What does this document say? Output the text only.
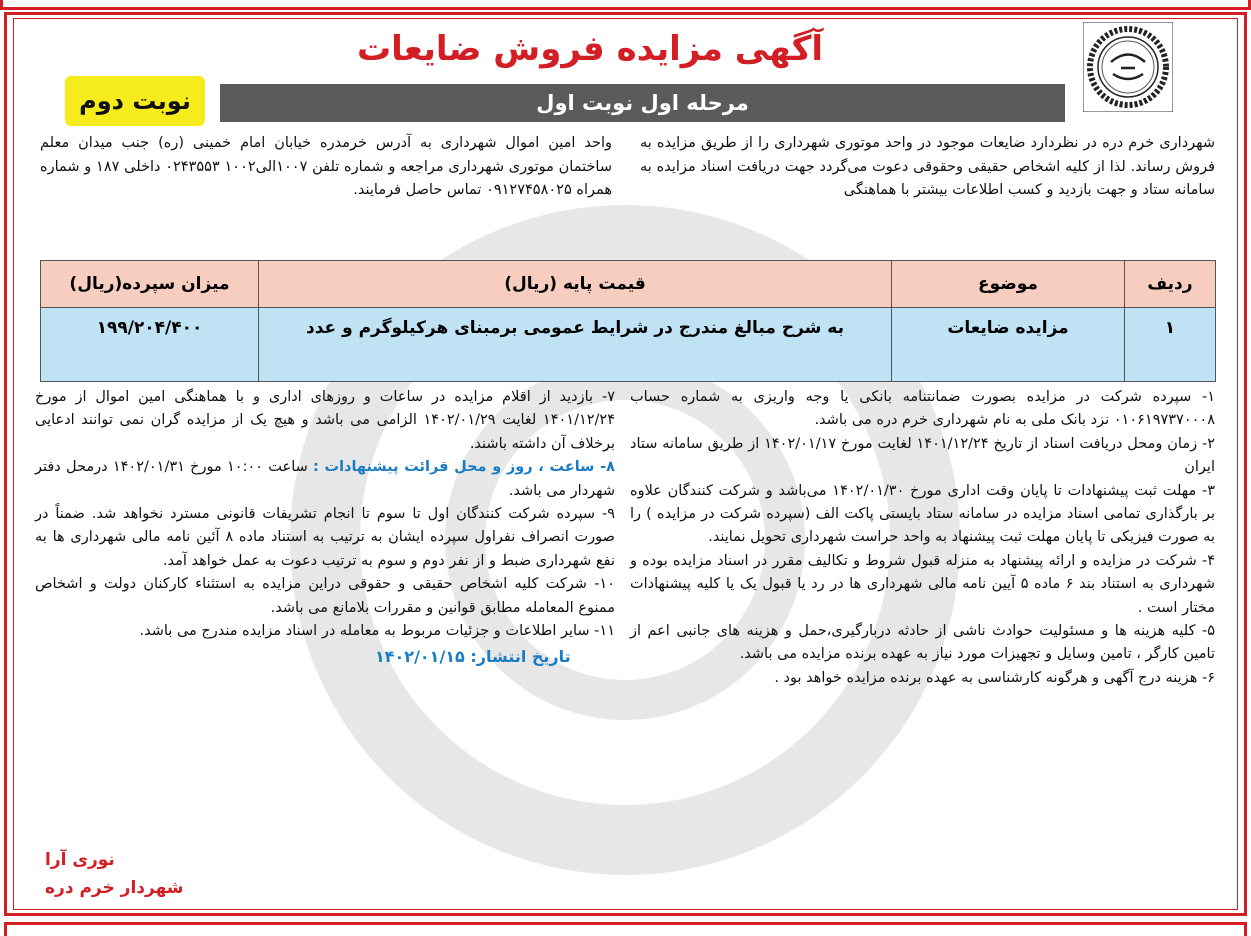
آگهی مزایده فروش ضایعات
مرحله اول نوبت اول
نوبت دوم
شهرداری خرم دره در نظردارد ضایعات موجود در واحد موتوری شهرداری را از طریق مزایده به فروش رساند. لذا از کلیه اشخاص حقیقی وحقوقی دعوت می‌گردد جهت دریافت اسناد مزایده به سامانه ستاد و جهت بازدید و کسب اطلاعات بیشتر با هماهنگی
واحد امین اموال شهرداری به آدرس خرمدره خیابان امام خمینی (ره) جنب میدان معلم ساختمان موتوری شهرداری مراجعه و شماره تلفن ۱۰۰۷الی۱۰۰۲ ۰۲۴۳۵۵۳ داخلی ۱۸۷ و شماره همراه ۰۹۱۲۷۴۵۸۰۲۵ تماس حاصل فرمایند.
ردیف	موضوع	قیمت پایه (ریال)	میزان سپرده(ریال)
۱	مزایده ضایعات	به شرح مبالغ مندرج در شرایط عمومی برمبنای هرکیلوگرم و عدد	۱۹۹/۲۰۴/۴۰۰

۱- سپرده شرکت در مزایده بصورت ضمانتنامه بانکی یا وجه واریزی به شماره حساب ۰۱۰۶۱۹۷۳۷۰۰۰۸ نزد بانک ملی به نام شهرداری خرم دره می باشد.

۲- زمان ومحل دریافت اسناد از تاریخ ۱۴۰۱/۱۲/۲۴ لغایت مورخ ۱۴۰۲/۰۱/۱۷ از طریق سامانه ستاد ایران

۳- مهلت ثبت پیشنهادات تا پایان وقت اداری مورخ ۱۴۰۲/۰۱/۳۰ می‌باشد و شرکت کنندگان علاوه بر بارگذاری تمامی اسناد مزایده در سامانه ستاد بایستی پاکت الف (سپرده شرکت در مزایده ) را به صورت فیزیکی تا پایان مهلت ثبت پیشنهاد به واحد حراست شهرداری تحویل نمایند.

۴- شرکت در مزایده و ارائه پیشنهاد به منزله قبول شروط و تکالیف مقرر در اسناد مزایده بوده و شهرداری به استناد بند ۶ ماده ۵ آیین نامه مالی شهرداری ها در رد یا قبول یک یا کلیه پیشنهادات مختار است .

۵- کلیه هزینه ها و مسئولیت حوادث ناشی از حادثه دربارگیری،حمل و هزینه های جانبی اعم از تامین کارگر ، تامین وسایل و تجهیزات مورد نیاز به عهده برنده مزایده می باشد.

۶- هزینه درج آگهی و هرگونه کارشناسی به عهده برنده مزایده خواهد بود .

۷- بازدید از اقلام مزایده در ساعات و روزهای اداری و با هماهنگی امین اموال از مورخ ۱۴۰۱/۱۲/۲۴ لغایت ۱۴۰۲/۰۱/۲۹ الزامی می باشد و هیچ یک از مزایده گران نمی توانند ادعایی برخلاف آن داشته باشند.

۸- ساعت ، روز و محل قرائت پیشنهادات : ساعت ۱۰:۰۰ مورخ ۱۴۰۲/۰۱/۳۱ درمحل دفتر شهردار می باشد.

۹- سپرده شرکت کنندگان اول تا سوم تا انجام تشریفات قانونی مسترد نخواهد شد. ضمناً در صورت انصراف نفراول سپرده ایشان به ترتیب به استناد ماده ۸ آئین نامه مالی شهرداری ها به نفع شهرداری ضبط و از نفر دوم و سوم به ترتیب دعوت به عمل خواهد آمد.

۱۰- شرکت کلیه اشخاص حقیقی و حقوقی دراین مزایده به استثناء کارکنان دولت و اشخاص ممنوع المعامله مطابق قوانین و مقررات بلامانع می باشد.

۱۱- سایر اطلاعات و جزئیات مربوط به معامله در اسناد مزایده مندرج می باشد.

تاریخ انتشار: ۱۴۰۲/۰۱/۱۵
نوری آرا
شهردار خرم دره
